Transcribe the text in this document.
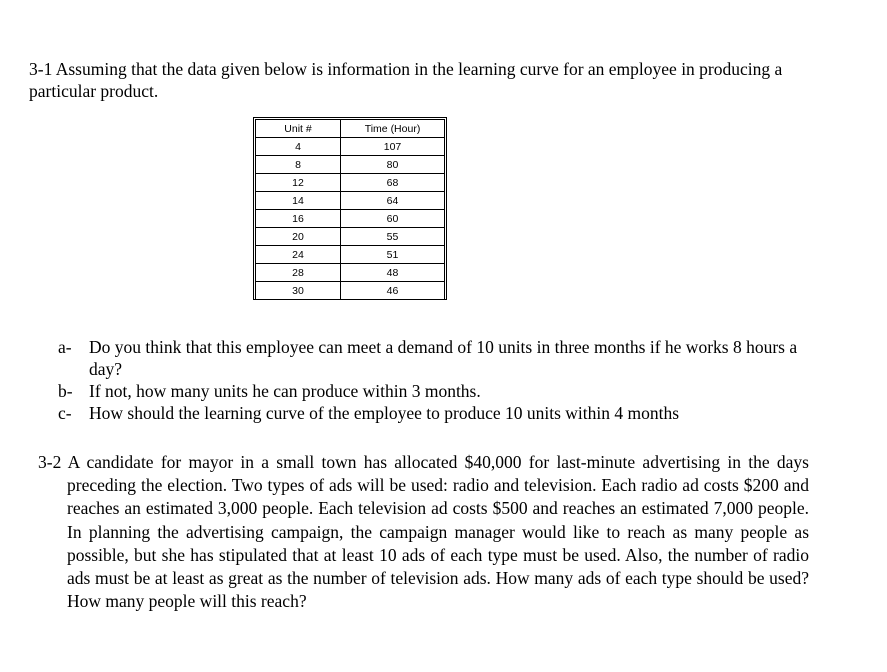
3-1 Assuming that the data given below is information in the learning curve for an employee in producing a particular product.

Unit #	Time (Hour)
4	107
8	80
12	68
14	64
16	60
20	55
24	51
28	48
30	46
a- Do you think that this employee can meet a demand of 10 units in three months if he works 8 hours a day?
b- If not, how many units he can produce within 3 months.
c- How should the learning curve of the employee to produce 10 units within 4 months

3-2 A candidate for mayor in a small town has allocated $40,000 for last-minute advertising in the days preceding the election. Two types of ads will be used: radio and television. Each radio ad costs $200 and reaches an estimated 3,000 people. Each television ad costs $500 and reaches an estimated 7,000 people. In planning the advertising campaign, the campaign manager would like to reach as many people as possible, but she has stipulated that at least 10 ads of each type must be used. Also, the number of radio ads must be at least as great as the number of television ads. How many ads of each type should be used? How many people will this reach?
